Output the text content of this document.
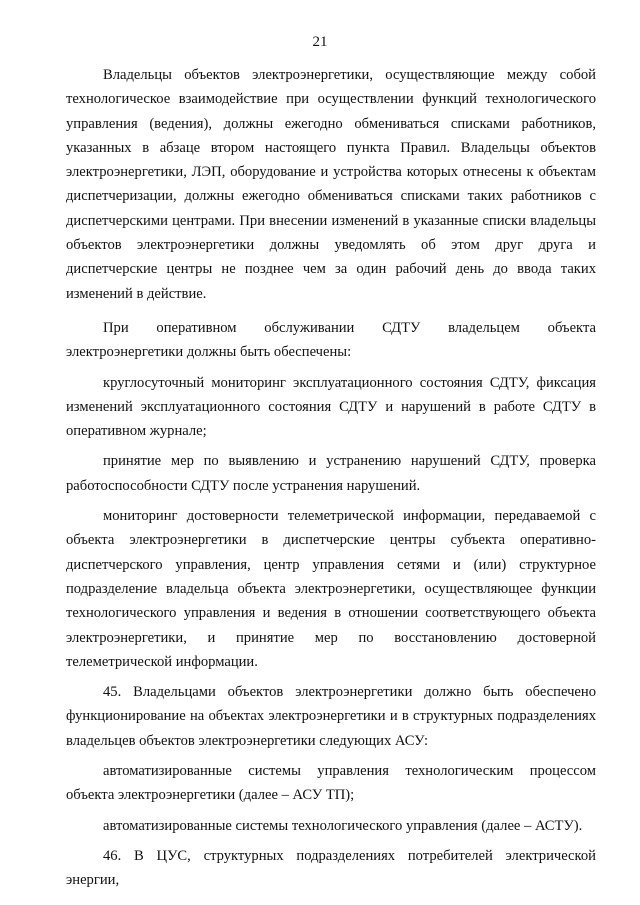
21

Владельцы объектов электроэнергетики, осуществляющие между собой технологическое взаимодействие при осуществлении функций технологического управления (ведения), должны ежегодно обмениваться списками работников, указанных в абзаце втором настоящего пункта Правил. Владельцы объектов электроэнергетики, ЛЭП, оборудование и устройства которых отнесены к объектам диспетчеризации, должны ежегодно обмениваться списками таких работников с диспетчерскими центрами. При внесении изменений в указанные списки владельцы объектов электроэнергетики должны уведомлять об этом друг друга и диспетчерские центры не позднее чем за один рабочий день до ввода таких изменений в действие.

При оперативном обслуживании СДТУ владельцем объекта электроэнергетики должны быть обеспечены:

круглосуточный мониторинг эксплуатационного состояния СДТУ, фиксация изменений эксплуатационного состояния СДТУ и нарушений в работе СДТУ в оперативном журнале;

принятие мер по выявлению и устранению нарушений СДТУ, проверка работоспособности СДТУ после устранения нарушений.

мониторинг достоверности телеметрической информации, передаваемой с объекта электроэнергетики в диспетчерские центры субъекта оперативно-диспетчерского управления, центр управления сетями и (или) структурное подразделение владельца объекта электроэнергетики, осуществляющее функции технологического управления и ведения в отношении соответствующего объекта электроэнергетики, и принятие мер по восстановлению достоверной телеметрической информации.

45. Владельцами объектов электроэнергетики должно быть обеспечено функционирование на объектах электроэнергетики и в структурных подразделениях владельцев объектов электроэнергетики следующих АСУ:

автоматизированные системы управления технологическим процессом объекта электроэнергетики (далее – АСУ ТП);

автоматизированные системы технологического управления (далее – АСТУ).

46. В ЦУС, структурных подразделениях потребителей электрической энергии,
